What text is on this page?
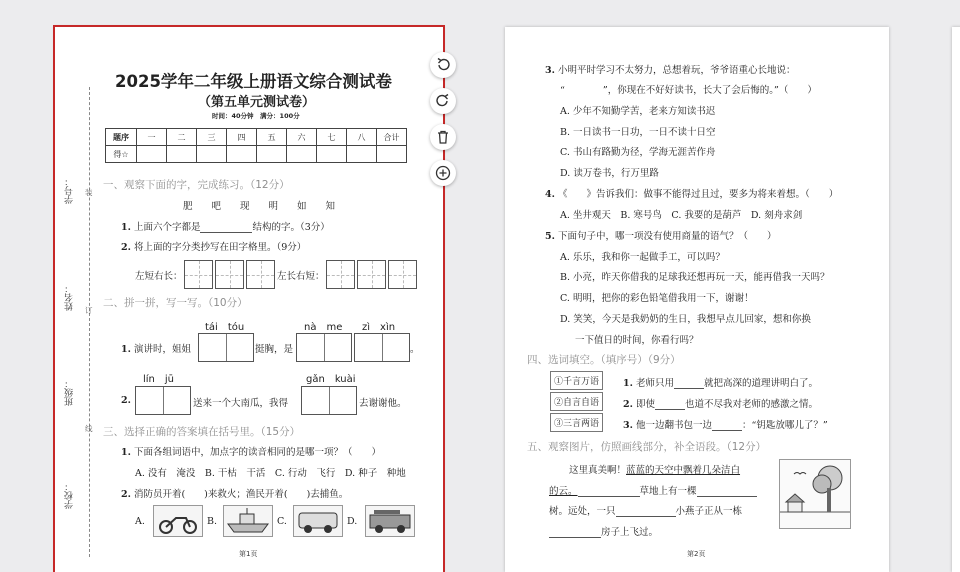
学号：
姓名：
班级：
学校：
装
订
线
2025学年二年级上册语文综合测试卷
（第五单元测试卷）
时间：40分钟　满分：100分
题序	一	二	三	四	五	六	七	八	合计
得☆									
一、观察下面的字，完成练习。（12分）
肥　　吧　　现　　明　　如　　知
1. 上面六个字都是	结构的字。（3分）
2. 将上面的字分类抄写在田字格里。（9分）
左短右长：	左长右短：
二、拼一拼，写一写。（10分）
tái　tóu	nà　me zì　xìn
1. 演讲时，姐姐	挺胸，是	。
lín　jū	gǎn　kuài
2.	送来一个大南瓜，我得	去谢谢他。
三、选择正确的答案填在括号里。（15分）
1. 下面各组词语中，加点字的读音相同的是哪一项？（　　）
A. 没有　淹没　B. 干枯　干活　C. 行动　飞行　D. 种子　种地
2. 消防员开着(　　)来救火；渔民开着(　　)去捕鱼。
A.	B.	C.	D.
第1页
3. 小明平时学习不太努力，总想着玩，爷爷语重心长地说：
“　　　　”，你现在不好好读书，长大了会后悔的。”（　　）
A. 少年不知勤学苦，老来方知读书迟
B. 一日读书一日功，一日不读十日空
C. 书山有路勤为径，学海无涯苦作舟
D. 读万卷书，行万里路
4. 《　　》告诉我们：做事不能得过且过，要多为将来着想。（　　）
A. 坐井观天　B. 寒号鸟　C. 我要的是葫芦　D. 刻舟求剑
5. 下面句子中，哪一项没有使用商量的语气？（　　）
A. 乐乐，我和你一起做手工，可以吗？
B. 小亮，昨天你借我的足球我还想再玩一天，能再借我一天吗？
C. 明明，把你的彩色铅笔借我用一下，谢谢！
D. 笑笑，今天是我奶奶的生日，我想早点儿回家，想和你换
一下值日的时间，你看行吗？
四、选词填空。（填序号）（9分）
①千言万语
②自言自语
③三言两语
1. 老师只用	就把高深的道理讲明白了。
2. 即使	也道不尽我对老师的感激之情。
3. 他一边翻书包一边	：“钥匙放哪儿了？”
五、观察图片，仿照画线部分，补全语段。（12分）
这里真美啊！蓝蓝的天空中飘着几朵洁白
的云。	草地上有一棵
树。远处，一只	小燕子正从一栋
房子上飞过。
第2页
